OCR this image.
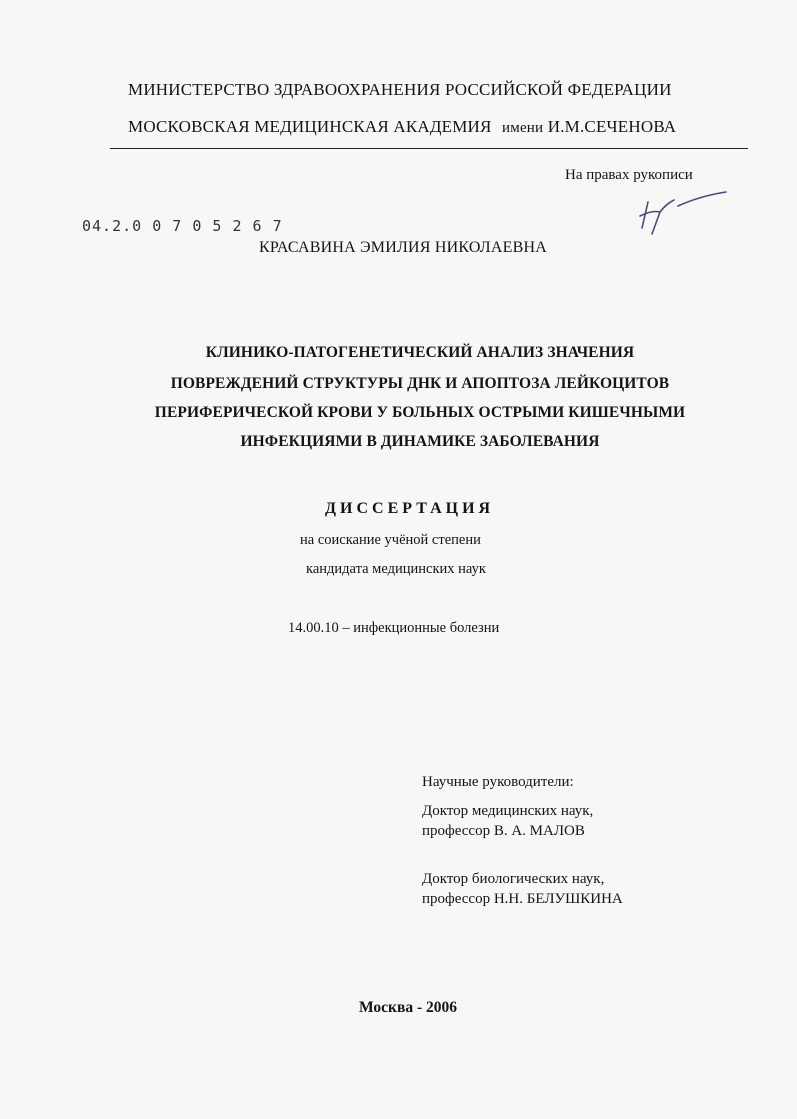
МИНИСТЕРСТВО ЗДРАВООХРАНЕНИЯ РОССИЙСКОЙ ФЕДЕРАЦИИ
МОСКОВСКАЯ МЕДИЦИНСКАЯ АКАДЕМИЯ имени И.М.СЕЧЕНОВА
На правах рукописи
04.2.0 0 7 0 5 2 6 7
КРАСАВИНА ЭМИЛИЯ НИКОЛАЕВНА
КЛИНИКО-ПАТОГЕНЕТИЧЕСКИЙ АНАЛИЗ ЗНАЧЕНИЯ
ПОВРЕЖДЕНИЙ СТРУКТУРЫ ДНК И АПОПТОЗА ЛЕЙКОЦИТОВ
ПЕРИФЕРИЧЕСКОЙ КРОВИ У БОЛЬНЫХ ОСТРЫМИ КИШЕЧНЫМИ
ИНФЕКЦИЯМИ В ДИНАМИКЕ ЗАБОЛЕВАНИЯ
ДИССЕРТАЦИЯ
на соискание учёной степени
кандидата медицинских наук
14.00.10 – инфекционные болезни
Научные руководители:
Доктор медицинских наук,
профессор В. А. МАЛОВ
Доктор биологических наук,
профессор Н.Н. БЕЛУШКИНА
Москва - 2006
